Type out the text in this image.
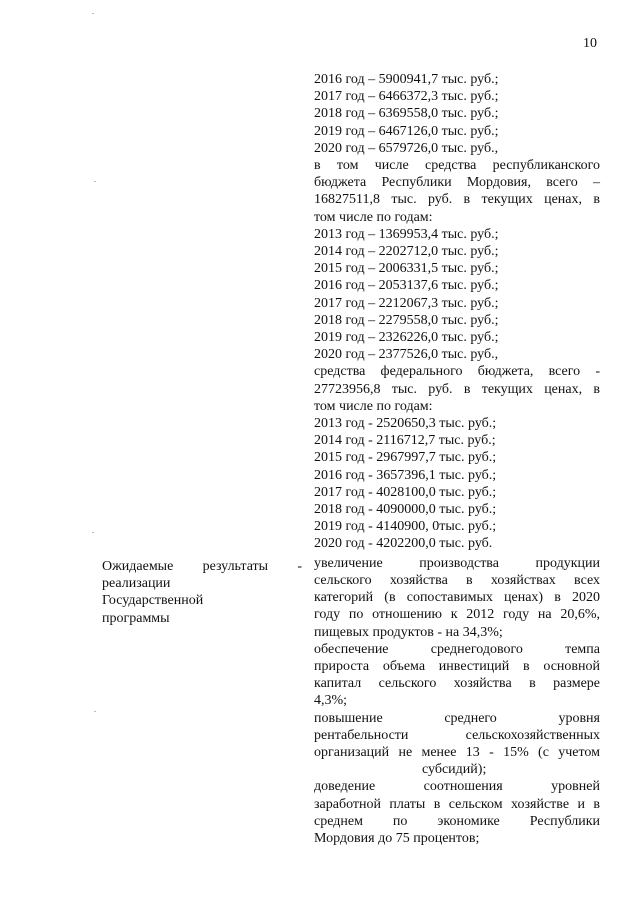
10
2016 год – 5900941,7 тыс. руб.;
2017 год – 6466372,3 тыс. руб.;
2018 год – 6369558,0 тыс. руб.;
2019 год – 6467126,0 тыс. руб.;
2020 год – 6579726,0 тыс. руб.,
в том числе средства республиканского
бюджета Республики Мордовия, всего –
16827511,8 тыс. руб. в текущих ценах, в
том числе по годам:
2013 год – 1369953,4 тыс. руб.;
2014 год – 2202712,0 тыс. руб.;
2015 год – 2006331,5 тыс. руб.;
2016 год – 2053137,6 тыс. руб.;
2017 год – 2212067,3 тыс. руб.;
2018 год – 2279558,0 тыс. руб.;
2019 год – 2326226,0 тыс. руб.;
2020 год – 2377526,0 тыс. руб.,
средства федерального бюджета, всего -
27723956,8 тыс. руб. в текущих ценах, в
том числе по годам:
2013 год - 2520650,3 тыс. руб.;
2014 год - 2116712,7 тыс. руб.;
2015 год - 2967997,7 тыс. руб.;
2016 год - 3657396,1 тыс. руб.;
2017 год - 4028100,0 тыс. руб.;
2018 год - 4090000,0 тыс. руб.;
2019 год - 4140900, 0тыс. руб.;
2020 год - 4202200,0 тыс. руб.
увеличение производства продукции
сельского хозяйства в хозяйствах всех
категорий (в сопоставимых ценах) в 2020
году по отношению к 2012 году на 20,6%,
пищевых продуктов - на 34,3%;
обеспечение среднегодового темпа
прироста объема инвестиций в основной
капитал сельского хозяйства в размере
4,3%;
повышение среднего уровня
рентабельности сельскохозяйственных
организаций не менее 13 - 15% (с учетом
субсидий);
доведение соотношения уровней
заработной платы в сельском хозяйстве и в
среднем по экономике Республики
Мордовия до 75 процентов;
Ожидаемые результаты -
реализации
Государственной
программы
